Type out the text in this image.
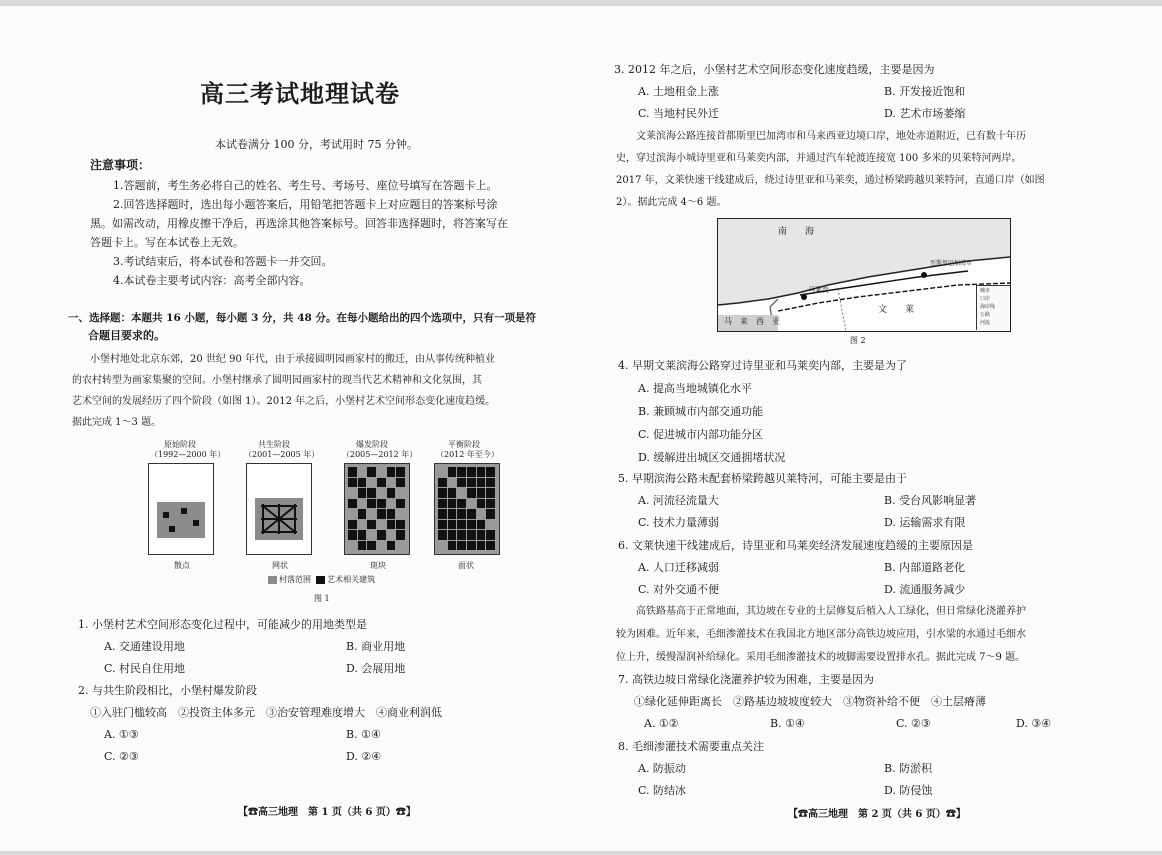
高三考试地理试卷
本试卷满分 100 分，考试用时 75 分钟。
注意事项：
1.答题前，考生务必将自己的姓名、考生号、考场号、座位号填写在答题卡上。
2.回答选择题时，选出每小题答案后，用铅笔把答题卡上对应题目的答案标号涂
黑。如需改动，用橡皮擦干净后，再选涂其他答案标号。回答非选择题时，将答案写在
答题卡上。写在本试卷上无效。
3.考试结束后，将本试卷和答题卡一并交回。
4.本试卷主要考试内容：高考全部内容。
一、选择题：本题共 16 小题，每小题 3 分，共 48 分。在每小题给出的四个选项中，只有一项是符
合题目要求的。
小堡村地处北京东郊，20 世纪 90 年代，由于承接圆明园画家村的搬迁，由从事传统种植业
的农村转型为画家集聚的空间。小堡村继承了圆明园画家村的现当代艺术精神和文化氛围，其
艺术空间的发展经历了四个阶段（如图 1）。2012 年之后，小堡村艺术空间形态变化速度趋缓。
据此完成 1～3 题。
原始阶段
（1992—2000 年）
共生阶段
（2001—2005 年）
爆发阶段
（2005—2012 年）
平衡阶段
（2012 年至今）
散点	网状	斑块	面状
村落范围 艺术相关建筑
图 1
1. 小堡村艺术空间形态变化过程中，可能减少的用地类型是
A. 交通建设用地	B. 商业用地
C. 村民自住用地	D. 会展用地
2. 与共生阶段相比，小堡村爆发阶段
①入驻门槛较高　②投资主体多元　③治安管理难度增大　④商业利润低
A. ①③	B. ①④
C. ②③	D. ②④
【☎高三地理　第 1 页（共 6 页）☎】
3. 2012 年之后，小堡村艺术空间形态变化速度趋缓，主要是因为
A. 土地租金上涨	B. 开发接近饱和
C. 当地村民外迁	D. 艺术市场萎缩
文莱滨海公路连接首都斯里巴加湾市和马来西亚边境口岸，地处赤道附近，已有数十年历
史，穿过滨海小城诗里亚和马莱奕内部，并通过汽车轮渡连接宽 100 多米的贝莱特河两岸。
2017 年，文莱快速干线建成后，绕过诗里亚和马莱奕，通过桥梁跨越贝莱特河，直通口岸（如图
2）。据此完成 4～6 题。
南　　海
文　　莱
马　来　西　亚
马莱奕
至斯里巴加湾市
城市
口岸
海岸线
公路
河流
图 2
4. 早期文莱滨海公路穿过诗里亚和马莱奕内部，主要是为了
A. 提高当地城镇化水平
B. 兼顾城市内部交通功能
C. 促进城市内部功能分区
D. 缓解进出城区交通拥堵状况
5. 早期滨海公路未配套桥梁跨越贝莱特河，可能主要是由于
A. 河流径流量大	B. 受台风影响显著
C. 技术力量薄弱	D. 运输需求有限
6. 文莱快速干线建成后，诗里亚和马莱奕经济发展速度趋缓的主要原因是
A. 人口迁移减弱	B. 内部道路老化
C. 对外交通不便	D. 流通服务减少
高铁路基高于正常地面，其边坡在专业的土层修复后植入人工绿化，但日常绿化浇灌养护
较为困难。近年来，毛细渗灌技术在我国北方地区部分高铁边坡应用，引水梁的水通过毛细水
位上升，缓慢湿润补给绿化。采用毛细渗灌技术的坡脚需要设置排水孔。据此完成 7～9 题。
7. 高铁边坡日常绿化浇灌养护较为困难，主要是因为
①绿化延伸距离长　②路基边坡坡度较大　③物资补给不便　④土层瘠薄
A. ①②	B. ①④	C. ②③	D. ③④
8. 毛细渗灌技术需要重点关注
A. 防振动	B. 防淤积
C. 防结冰	D. 防侵蚀
【☎高三地理　第 2 页（共 6 页）☎】
